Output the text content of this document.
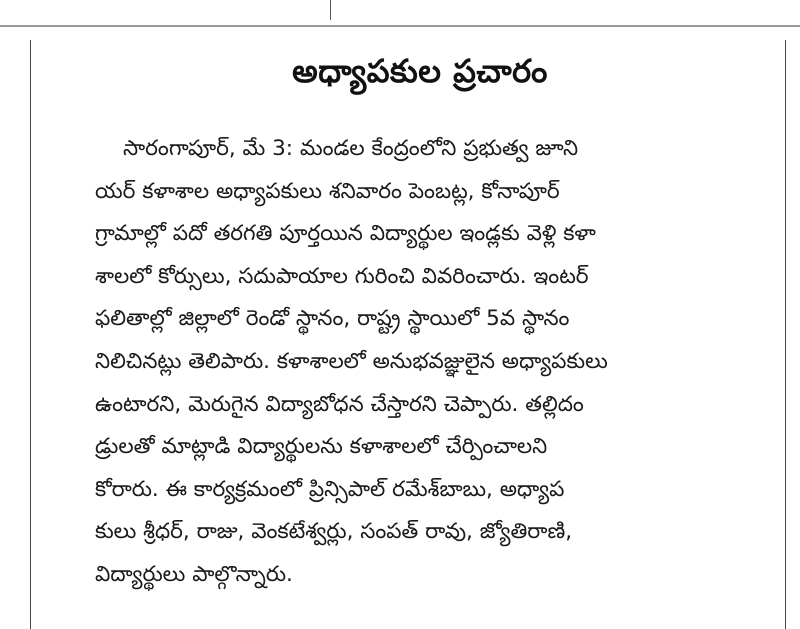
అధ్యాపకుల ప్రచారం

సారంగాపూర్, మే 3: మండల కేంద్రంలోని ప్రభుత్వ జూని
యర్ కళాశాల అధ్యాపకులు శనివారం పెంబట్ల, కోనాపూర్
గ్రామాల్లో పదో తరగతి పూర్తయిన విద్యార్థుల ఇండ్లకు వెళ్లి కళా
శాలలో కోర్సులు, సదుపాయాల గురించి వివరించారు. ఇంటర్
ఫలితాల్లో జిల్లాలో రెండో స్థానం, రాష్ట్ర స్థాయిలో 5వ స్థానం
నిలిచినట్లు తెలిపారు. కళాశాలలో అనుభవజ్ఞులైన అధ్యాపకులు
ఉంటారని, మెరుగైన విద్యాబోధన చేస్తారని చెప్పారు. తల్లిదం
డ్రులతో మాట్లాడి విద్యార్థులను కళాశాలలో చేర్పించాలని
కోరారు. ఈ కార్యక్రమంలో ప్రిన్సిపాల్ రమేశ్‌బాబు, అధ్యాప
కులు శ్రీధర్, రాజు, వెంకటేశ్వర్లు, సంపత్ రావు, జ్యోతిరాణి,
విద్యార్థులు పాల్గొన్నారు.
